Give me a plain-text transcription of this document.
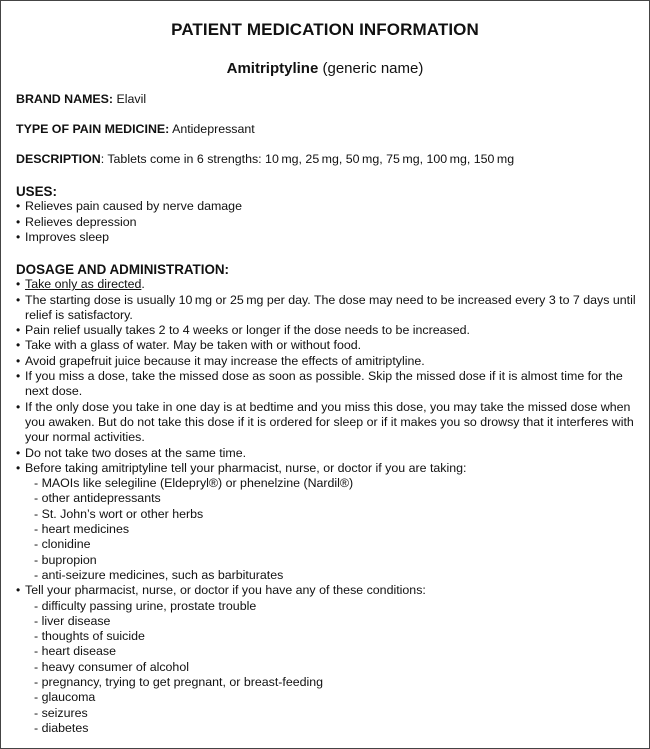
PATIENT MEDICATION INFORMATION
Amitriptyline (generic name)

BRAND NAMES: Elavil

TYPE OF PAIN MEDICINE: Antidepressant

DESCRIPTION: Tablets come in 6 strengths: 10 mg, 25 mg, 50 mg, 75 mg, 100 mg, 150 mg

USES:
• Relieves pain caused by nerve damage
• Relieves depression
• Improves sleep
DOSAGE AND ADMINISTRATION:
• Take only as directed.
• The starting dose is usually 10 mg or 25 mg per day. The dose may need to be increased every 3 to 7 days until relief is satisfactory.
• Pain relief usually takes 2 to 4 weeks or longer if the dose needs to be increased.
• Take with a glass of water. May be taken with or without food.
• Avoid grapefruit juice because it may increase the effects of amitriptyline.
• If you miss a dose, take the missed dose as soon as possible. Skip the missed dose if it is almost time for the next dose.
• If the only dose you take in one day is at bedtime and you miss this dose, you may take the missed dose when you awaken. But do not take this dose if it is ordered for sleep or if it makes you so drowsy that it interferes with your normal activities.
• Do not take two doses at the same time.
• Before taking amitriptyline tell your pharmacist, nurse, or doctor if you are taking:
- MAOIs like selegiline (Eldepryl®) or phenelzine (Nardil®)
- other antidepressants
- St. John’s wort or other herbs
- heart medicines
- clonidine
- bupropion
- anti-seizure medicines, such as barbiturates
• Tell your pharmacist, nurse, or doctor if you have any of these conditions:
- difficulty passing urine, prostate trouble
- liver disease
- thoughts of suicide
- heart disease
- heavy consumer of alcohol
- pregnancy, trying to get pregnant, or breast-feeding
- glaucoma
- seizures
- diabetes
